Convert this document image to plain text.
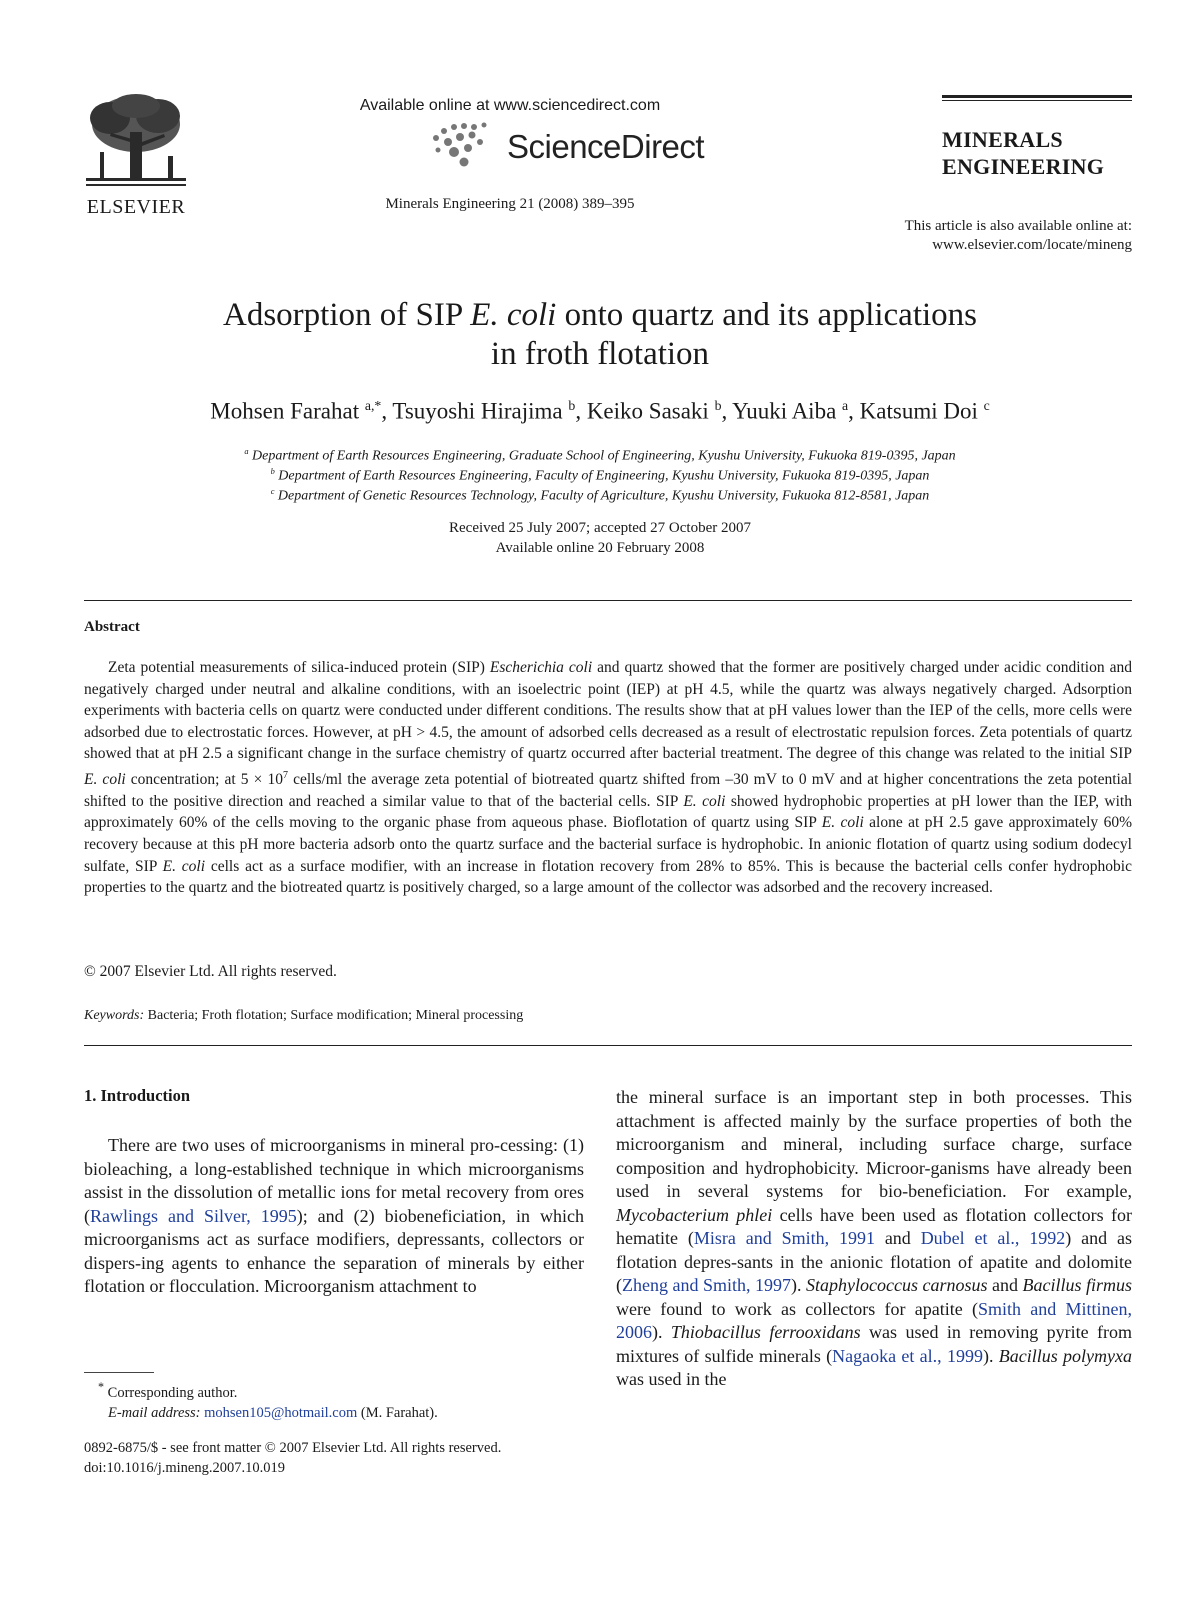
ELSEVIER
Available online at www.sciencedirect.com
ScienceDirect
Minerals Engineering 21 (2008) 389–395
MINERALS
ENGINEERING
This article is also available online at:
www.elsevier.com/locate/mineng
Adsorption of SIP E. coli onto quartz and its applications
in froth flotation
Mohsen Farahat $^{a,*}$, Tsuyoshi Hirajima $^b$, Keiko Sasaki $^b$, Yuuki Aiba $^a$, Katsumi Doi $^c$
$^a$ Department of Earth Resources Engineering, Graduate School of Engineering, Kyushu University, Fukuoka 819-0395, Japan
$^b$ Department of Earth Resources Engineering, Faculty of Engineering, Kyushu University, Fukuoka 819-0395, Japan
$^c$ Department of Genetic Resources Technology, Faculty of Agriculture, Kyushu University, Fukuoka 812-8581, Japan
Received 25 July 2007; accepted 27 October 2007
Available online 20 February 2008
Abstract

Zeta potential measurements of silica-induced protein (SIP) Escherichia coli and quartz showed that the former are positively charged under acidic condition and negatively charged under neutral and alkaline conditions, with an isoelectric point (IEP) at pH 4.5, while the quartz was always negatively charged. Adsorption experiments with bacteria cells on quartz were conducted under different conditions. The results show that at pH values lower than the IEP of the cells, more cells were adsorbed due to electrostatic forces. However, at pH > 4.5, the amount of adsorbed cells decreased as a result of electrostatic repulsion forces. Zeta potentials of quartz showed that at pH 2.5 a significant change in the surface chemistry of quartz occurred after bacterial treatment. The degree of this change was related to the initial SIP E. coli concentration; at $5 \times 10^7$ cells/ml the average zeta potential of biotreated quartz shifted from –30 mV to 0 mV and at higher concentrations the zeta potential shifted to the positive direction and reached a similar value to that of the bacterial cells. SIP E. coli showed hydrophobic properties at pH lower than the IEP, with approximately 60% of the cells moving to the organic phase from aqueous phase. Bioflotation of quartz using SIP E. coli alone at pH 2.5 gave approximately 60% recovery because at this pH more bacteria adsorb onto the quartz surface and the bacterial surface is hydrophobic. In anionic flotation of quartz using sodium dodecyl sulfate, SIP E. coli cells act as a surface modifier, with an increase in flotation recovery from 28% to 85%. This is because the bacterial cells confer hydrophobic properties to the quartz and the biotreated quartz is positively charged, so a large amount of the collector was adsorbed and the recovery increased.

© 2007 Elsevier Ltd. All rights reserved.
Keywords: Bacteria; Froth flotation; Surface modification; Mineral processing
1. Introduction

There are two uses of microorganisms in mineral pro-cessing: (1) bioleaching, a long-established technique in which microorganisms assist in the dissolution of metallic ions for metal recovery from ores (Rawlings and Silver, 1995); and (2) biobeneficiation, in which microorganisms act as surface modifiers, depressants, collectors or dispers-ing agents to enhance the separation of minerals by either flotation or flocculation. Microorganism attachment to

the mineral surface is an important step in both processes. This attachment is affected mainly by the surface properties of both the microorganism and mineral, including surface charge, surface composition and hydrophobicity. Microor-ganisms have already been used in several systems for bio-beneficiation. For example, Mycobacterium phlei cells have been used as flotation collectors for hematite (Misra and Smith, 1991 and Dubel et al., 1992) and as flotation depres-sants in the anionic flotation of apatite and dolomite (Zheng and Smith, 1997). Staphylococcus carnosus and Bacillus firmus were found to work as collectors for apatite (Smith and Mittinen, 2006). Thiobacillus ferrooxidans was used in removing pyrite from mixtures of sulfide minerals (Nagaoka et al., 1999). Bacillus polymyxa was used in the

* Corresponding author.
E-mail address: mohsen105@hotmail.com (M. Farahat).
0892-6875/$ - see front matter © 2007 Elsevier Ltd. All rights reserved.
doi:10.1016/j.mineng.2007.10.019
